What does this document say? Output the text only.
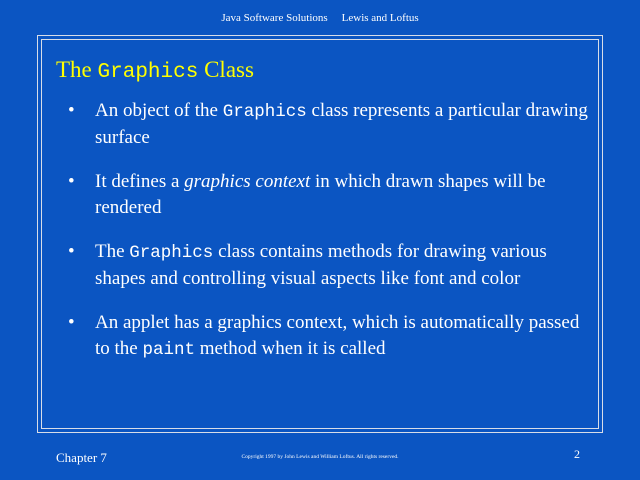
Java Software Solutions Lewis and Loftus
The Graphics Class
•	An object of the Graphics class represents a particular drawing surface
•	It defines a graphics context in which drawn shapes will be rendered
•	The Graphics class contains methods for drawing various shapes and controlling visual aspects like font and color
•	An applet has a graphics context, which is automatically passed to the paint method when it is called
Chapter 7	Copyright 1997 by John Lewis and William Loftus. All rights reserved.	2
